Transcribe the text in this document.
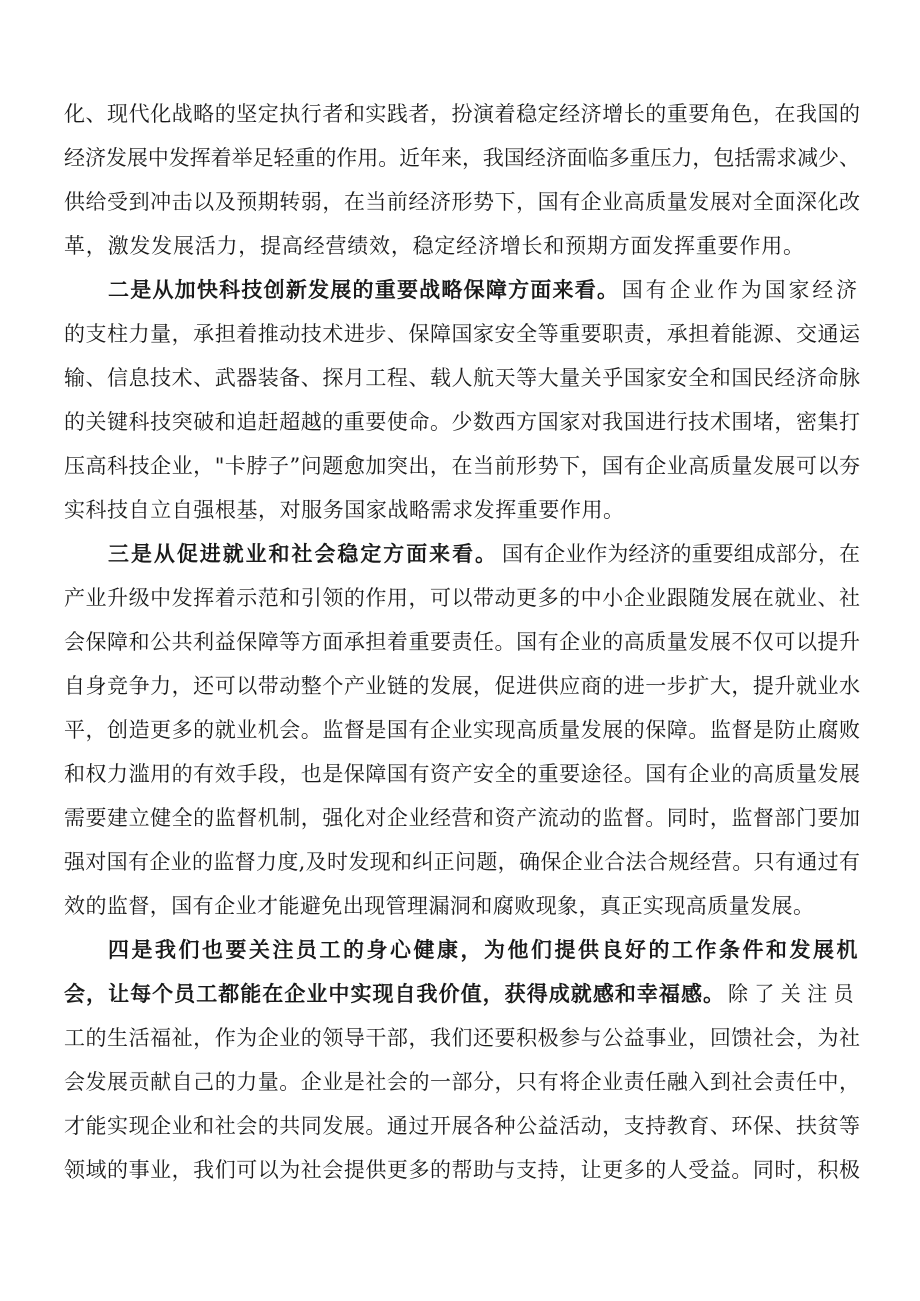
化、现代化战略的坚定执行者和实践者，扮演着稳定经济增长的重要角色，在我国的
经济发展中发挥着举足轻重的作用。近年来，我国经济面临多重压力，包括需求减少、
供给受到冲击以及预期转弱，在当前经济形势下，国有企业高质量发展对全面深化改
革，激发发展活力，提高经营绩效，稳定经济增长和预期方面发挥重要作用。
二是从加快科技创新发展的重要战略保障方面来看。 国有企业作为国家经济
的支柱力量，承担着推动技术进步、保障国家安全等重要职责，承担着能源、交通运
输、信息技术、武器装备、探月工程、载人航天等大量关乎国家安全和国民经济命脉
的关键科技突破和追赶超越的重要使命。少数西方国家对我国进行技术围堵，密集打
压高科技企业，"卡脖子”问题愈加突出，在当前形势下，国有企业高质量发展可以夯
实科技自立自强根基，对服务国家战略需求发挥重要作用。
三是从促进就业和社会稳定方面来看。 国有企业作为经济的重要组成部分，在
产业升级中发挥着示范和引领的作用，可以带动更多的中小企业跟随发展在就业、社
会保障和公共利益保障等方面承担着重要责任。国有企业的高质量发展不仅可以提升
自身竞争力，还可以带动整个产业链的发展，促进供应商的进一步扩大，提升就业水
平，创造更多的就业机会。监督是国有企业实现高质量发展的保障。监督是防止腐败
和权力滥用的有效手段，也是保障国有资产安全的重要途径。国有企业的高质量发展
需要建立健全的监督机制，强化对企业经营和资产流动的监督。同时，监督部门要加
强对国有企业的监督力度,及时发现和纠正问题，确保企业合法合规经营。只有通过有
效的监督，国有企业才能避免出现管理漏洞和腐败现象，真正实现高质量发展。
四是我们也要关注员工的身心健康，为他们提供良好的工作条件和发展机
会，让每个员工都能在企业中实现自我价值，获得成就感和幸福感。 除了关注员
工的生活福祉，作为企业的领导干部，我们还要积极参与公益事业，回馈社会，为社
会发展贡献自己的力量。企业是社会的一部分，只有将企业责任融入到社会责任中，
才能实现企业和社会的共同发展。通过开展各种公益活动，支持教育、环保、扶贫等
领域的事业，我们可以为社会提供更多的帮助与支持，让更多的人受益。同时，积极
